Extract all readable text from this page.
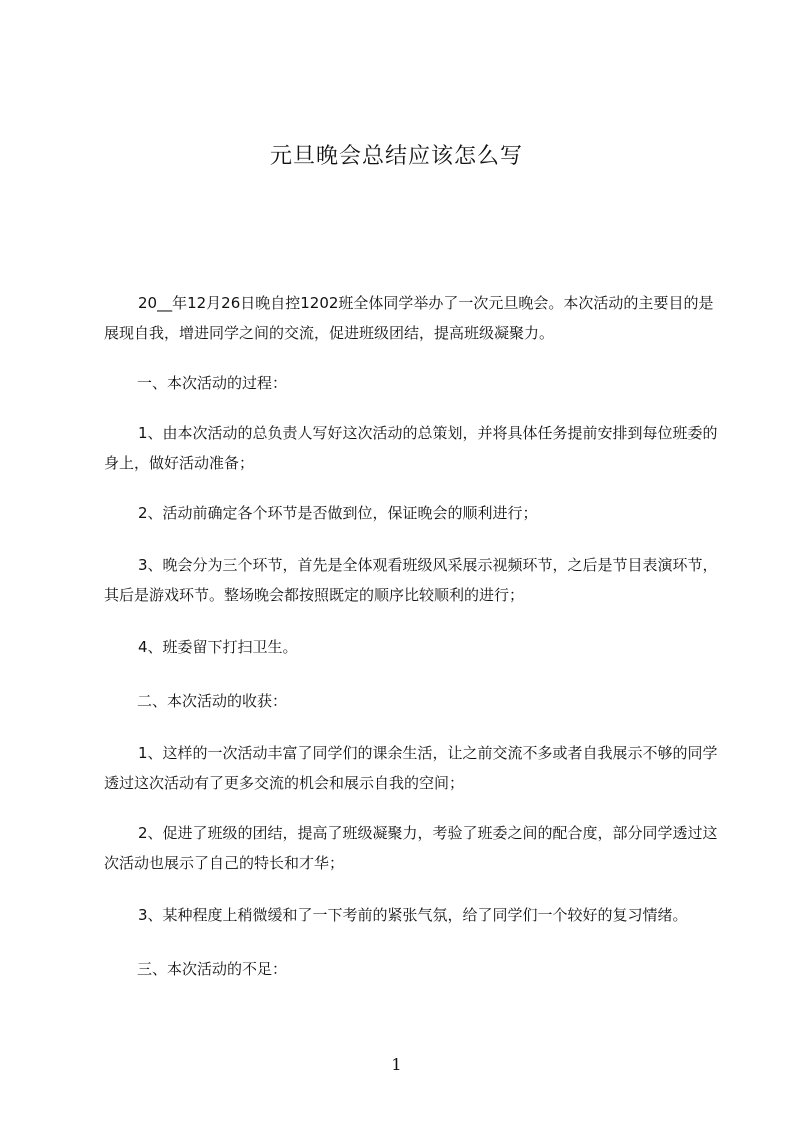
元旦晚会总结应该怎么写

20__年12月26日晚自控1202班全体同学举办了一次元旦晚会。本次活动的主要目的是展现自我，增进同学之间的交流，促进班级团结，提高班级凝聚力。

一、本次活动的过程：

1、由本次活动的总负责人写好这次活动的总策划，并将具体任务提前安排到每位班委的身上，做好活动准备；

2、活动前确定各个环节是否做到位，保证晚会的顺利进行；

3、晚会分为三个环节，首先是全体观看班级风采展示视频环节，之后是节目表演环节，其后是游戏环节。整场晚会都按照既定的顺序比较顺利的进行；

4、班委留下打扫卫生。

二、本次活动的收获：

1、这样的一次活动丰富了同学们的课余生活，让之前交流不多或者自我展示不够的同学透过这次活动有了更多交流的机会和展示自我的空间；

2、促进了班级的团结，提高了班级凝聚力，考验了班委之间的配合度，部分同学透过这次活动也展示了自己的特长和才华；

3、某种程度上稍微缓和了一下考前的紧张气氛，给了同学们一个较好的复习情绪。

三、本次活动的不足：

1
